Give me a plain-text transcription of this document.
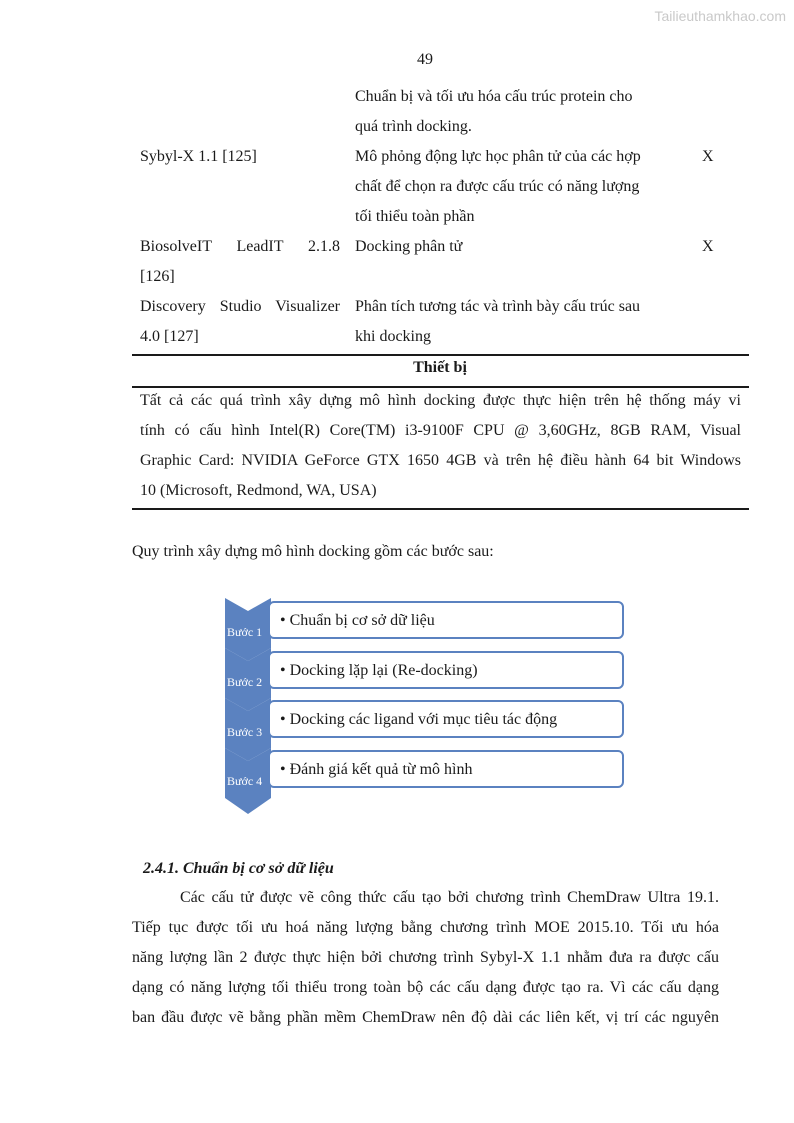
Tailieuthamkhao.com
49
Chuẩn bị và tối ưu hóa cấu trúc protein cho
quá trình docking.
Sybyl-X 1.1 [125]	Mô phỏng động lực học phân tử của các hợp
chất để chọn ra được cấu trúc có năng lượng
tối thiểu toàn phần
X
BiosolveIT LeadIT 2.1.8
[126]
Docking phân tử	X
Discovery Studio Visualizer
4.0 [127]
Phân tích tương tác và trình bày cấu trúc sau
khi docking
Thiết bị
Tất cả các quá trình xây dựng mô hình docking được thực hiện trên hệ thống máy vi
tính có cấu hình Intel(R) Core(TM) i3-9100F CPU @ 3,60GHz, 8GB RAM, Visual
Graphic Card: NVIDIA GeForce GTX 1650 4GB và trên hệ điều hành 64 bit Windows
10 (Microsoft, Redmond, WA, USA)
Quy trình xây dựng mô hình docking gồm các bước sau:
Bước 1
Bước 2
Bước 3
Bước 4
• Chuẩn bị cơ sở dữ liệu
• Docking lặp lại (Re-docking)
• Docking các ligand với mục tiêu tác động
• Đánh giá kết quả từ mô hình
2.4.1. Chuẩn bị cơ sở dữ liệu
Các cấu tử được vẽ công thức cấu tạo bởi chương trình ChemDraw Ultra 19.1.
Tiếp tục được tối ưu hoá năng lượng bằng chương trình MOE 2015.10. Tối ưu hóa
năng lượng lần 2 được thực hiện bởi chương trình Sybyl-X 1.1 nhằm đưa ra được cấu
dạng có năng lượng tối thiểu trong toàn bộ các cấu dạng được tạo ra. Vì các cấu dạng
ban đầu được vẽ bằng phần mềm ChemDraw nên độ dài các liên kết, vị trí các nguyên
